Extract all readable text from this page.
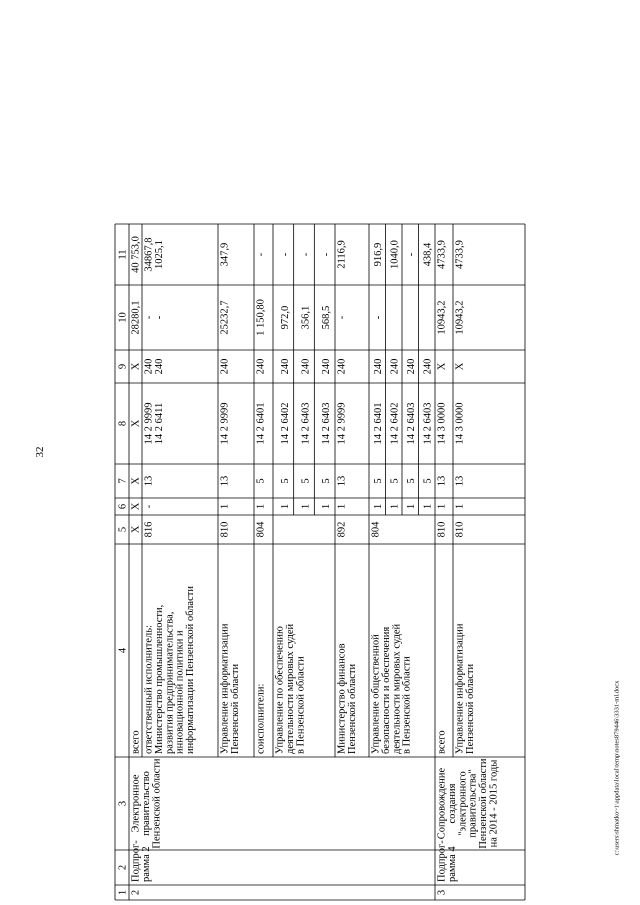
32
c:\users\shmatko~1\appdata\local\temp\notes879446\3331-ml.docx
1
2
3
4
5
6
7
8
9
10
11
2
Подпрог- рамма 2
Электронное правительство Пензенской области
всего
X
X
X
X
X
28280,1
40 753,0
ответственный исполнитель: Министерство промышленности, развития предпринимательства, инновационной политики и информатизации Пензенской области
816
-
13
14 2 9999 14 2 6411
240 240
- -
34867,8 1025,1
Управление информатизации Пензенской области
810
1
13
14 2 9999
240
25232,7
347,9
соисполнители:
804
1
5
14 2 6401
240
1 150,80
-
Управление по обеспечению деятельности мировых судей в Пензенской области
1 1 1
5 5 5
14 2 6402 14 2 6403 14 2 6403
240 240 240
972,0 356,1 568,5
- - -
Министерство финансов Пензенской области
892
1
13
14 2 9999
240
-
2116,9
Управление общественной безопасности и обеспечения деятельности мировых судей в Пензенской области
804
1 1 1 1
5 5 5 5
14 2 6401 14 2 6402 14 2 6403 14 2 6403
240 240 240 240
-
916,9 1040,0 - 438,4
3
Подпрог- рамма 4
Сопровождение создания "электронного правительства" Пензенской области на 2014 - 2015 годы
всего
810
1
13
14 3 0000
X
10943,2
4733,9
Управление информатизации Пензенской области
810
1
13
14 3 0000
X
10943,2
4733,9
